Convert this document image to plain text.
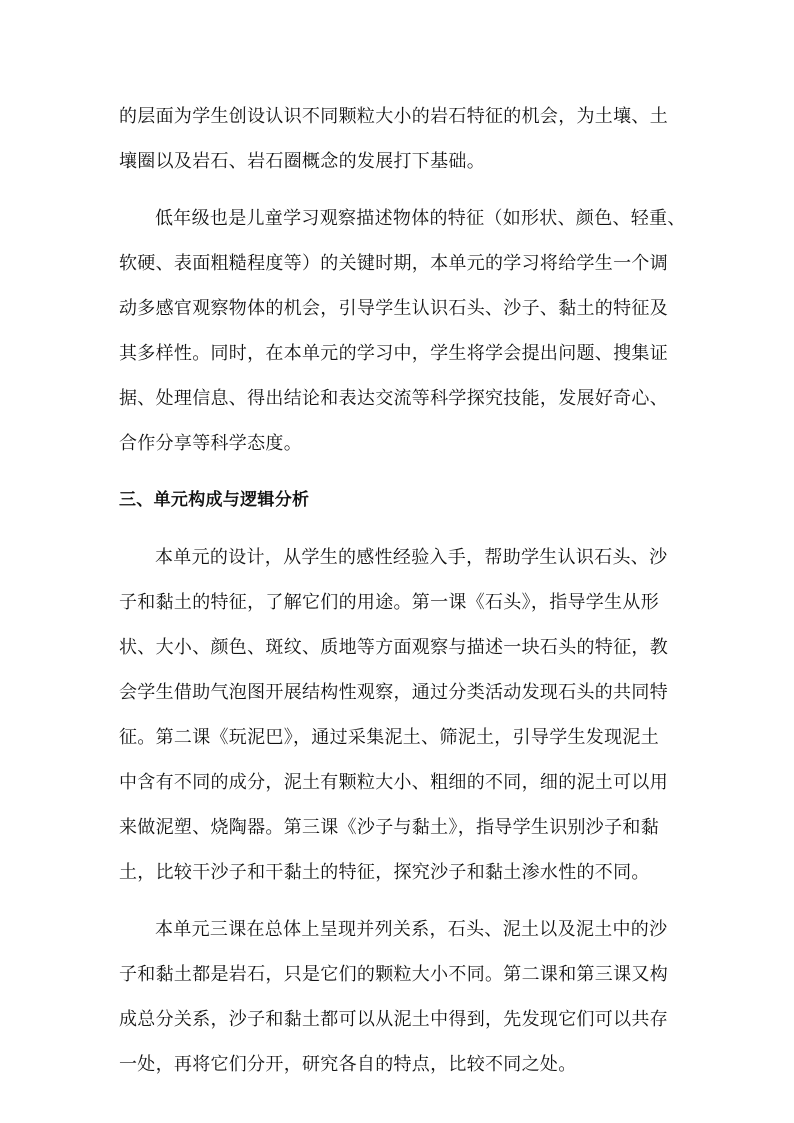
的层面为学生创设认识不同颗粒大小的岩石特征的机会，为土壤、土
壤圈以及岩石、岩石圈概念的发展打下基础。
低年级也是儿童学习观察描述物体的特征（如形状、颜色、轻重、
软硬、表面粗糙程度等）的关键时期，本单元的学习将给学生一个调
动多感官观察物体的机会，引导学生认识石头、沙子、黏土的特征及
其多样性。同时，在本单元的学习中，学生将学会提出问题、搜集证
据、处理信息、得出结论和表达交流等科学探究技能，发展好奇心、
合作分享等科学态度。
三、单元构成与逻辑分析
本单元的设计，从学生的感性经验入手，帮助学生认识石头、沙
子和黏土的特征，了解它们的用途。第一课《石头》，指导学生从形
状、大小、颜色、斑纹、质地等方面观察与描述一块石头的特征，教
会学生借助气泡图开展结构性观察，通过分类活动发现石头的共同特
征。第二课《玩泥巴》，通过采集泥土、筛泥土，引导学生发现泥土
中含有不同的成分，泥土有颗粒大小、粗细的不同，细的泥土可以用
来做泥塑、烧陶器。第三课《沙子与黏土》，指导学生识别沙子和黏
土，比较干沙子和干黏土的特征，探究沙子和黏土渗水性的不同。
本单元三课在总体上呈现并列关系，石头、泥土以及泥土中的沙
子和黏土都是岩石，只是它们的颗粒大小不同。第二课和第三课又构
成总分关系，沙子和黏土都可以从泥土中得到，先发现它们可以共存
一处，再将它们分开，研究各自的特点，比较不同之处。
